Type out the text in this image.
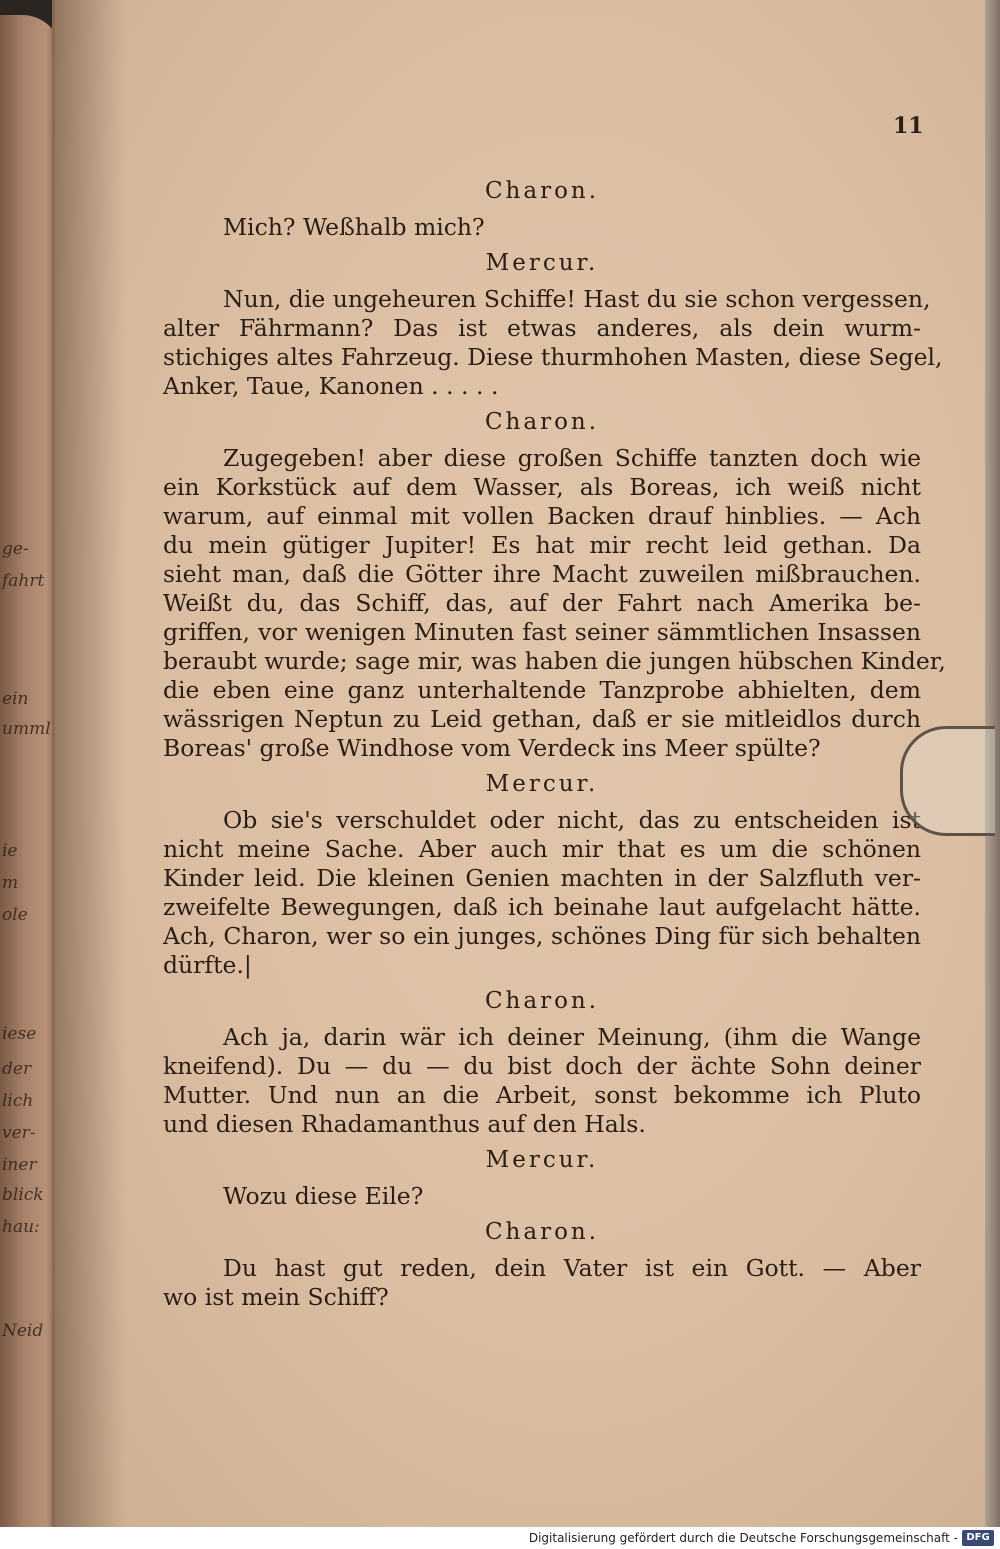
ge-
fahrt
ein
umml
ie
m
ole
iese
der
lich
ver-
iner
blick
hau:
Neid
11
Charon.
Mich? Weßhalb mich?
Mercur.
Nun, die ungeheuren Schiffe! Hast du sie schon vergessen,
alter Fährmann? Das ist etwas anderes, als dein wurm-
stichiges altes Fahrzeug. Diese thurmhohen Masten, diese Segel,
Anker, Taue, Kanonen . . . . .
Charon.
Zugegeben! aber diese großen Schiffe tanzten doch wie
ein Korkstück auf dem Wasser, als Boreas, ich weiß nicht
warum, auf einmal mit vollen Backen drauf hinblies. — Ach
du mein gütiger Jupiter! Es hat mir recht leid gethan. Da
sieht man, daß die Götter ihre Macht zuweilen mißbrauchen.
Weißt du, das Schiff, das, auf der Fahrt nach Amerika be-
griffen, vor wenigen Minuten fast seiner sämmtlichen Insassen
beraubt wurde; sage mir, was haben die jungen hübschen Kinder,
die eben eine ganz unterhaltende Tanzprobe abhielten, dem
wässrigen Neptun zu Leid gethan, daß er sie mitleidlos durch
Boreas' große Windhose vom Verdeck ins Meer spülte?
Mercur.
Ob sie's verschuldet oder nicht, das zu entscheiden ist
nicht meine Sache. Aber auch mir that es um die schönen
Kinder leid. Die kleinen Genien machten in der Salzfluth ver-
zweifelte Bewegungen, daß ich beinahe laut aufgelacht hätte.
Ach, Charon, wer so ein junges, schönes Ding für sich behalten
dürfte.|
Charon.
Ach ja, darin wär ich deiner Meinung, (ihm die Wange
kneifend). Du — du — du bist doch der ächte Sohn deiner
Mutter. Und nun an die Arbeit, sonst bekomme ich Pluto
und diesen Rhadamanthus auf den Hals.
Mercur.
Wozu diese Eile?
Charon.
Du hast gut reden, dein Vater ist ein Gott. — Aber
wo ist mein Schiff?
Digitalisierung gefördert durch die Deutsche Forschungsgemeinschaft - DFG
